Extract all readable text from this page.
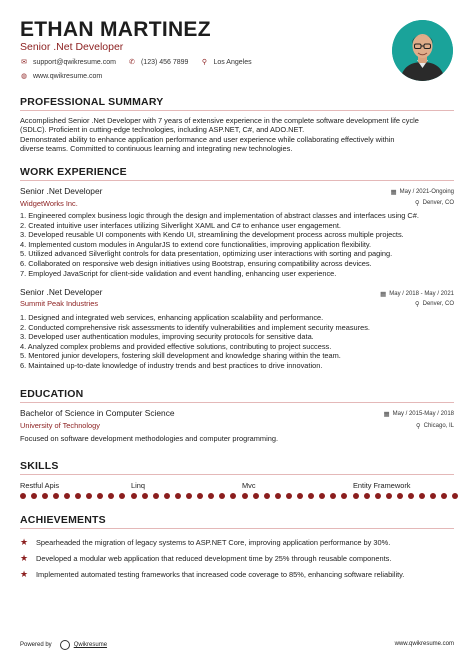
ETHAN MARTINEZ
Senior .Net Developer
✉ support@qwikresume.com ✆ (123) 456 7899 ⚲ Los Angeles
◍ www.qwikresume.com
PROFESSIONAL SUMMARY
Accomplished Senior .Net Developer with 7 years of extensive experience in the complete software development life cycle
(SDLC). Proficient in cutting-edge technologies, including ASP.NET, C#, and ADO.NET.
Demonstrated ability to enhance application performance and user experience while collaborating effectively within
diverse teams. Committed to continuous learning and integrating new technologies.
WORK EXPERIENCE
Senior .Net Developer	▦ May / 2021-Ongoing
WidgetWorks Inc.	⚲ Denver, CO
1. Engineered complex business logic through the design and implementation of abstract classes and interfaces using C#.
2. Created intuitive user interfaces utilizing Silverlight XAML and C# to enhance user engagement.
3. Developed reusable UI components with Kendo UI, streamlining the development process across multiple projects.
4. Implemented custom modules in AngularJS to extend core functionalities, improving application flexibility.
5. Utilized advanced Silverlight controls for data presentation, optimizing user interactions with sorting and paging.
6. Collaborated on responsive web design initiatives using Bootstrap, ensuring compatibility across devices.
7. Employed JavaScript for client-side validation and event handling, enhancing user experience.
Senior .Net Developer	▦ May / 2018 - May / 2021
Summit Peak Industries	⚲ Denver, CO
1. Designed and integrated web services, enhancing application scalability and performance.
2. Conducted comprehensive risk assessments to identify vulnerabilities and implement security measures.
3. Developed user authentication modules, improving security protocols for sensitive data.
4. Analyzed complex problems and provided effective solutions, contributing to project success.
5. Mentored junior developers, fostering skill development and knowledge sharing within the team.
6. Maintained up-to-date knowledge of industry trends and best practices to drive innovation.
EDUCATION
Bachelor of Science in Computer Science	▦ May / 2015-May / 2018
University of Technology	⚲ Chicago, IL
Focused on software development methodologies and computer programming.
SKILLS
Restful Apis	Linq	Mvc	Entity Framework
ACHIEVEMENTS
★	Spearheaded the migration of legacy systems to ASP.NET Core, improving application performance by 30%.
★	Developed a modular web application that reduced development time by 25% through reusable components.
★	Implemented automated testing frameworks that increased code coverage to 85%, enhancing software reliability.
Powered by	Qwikresume	www.qwikresume.com
